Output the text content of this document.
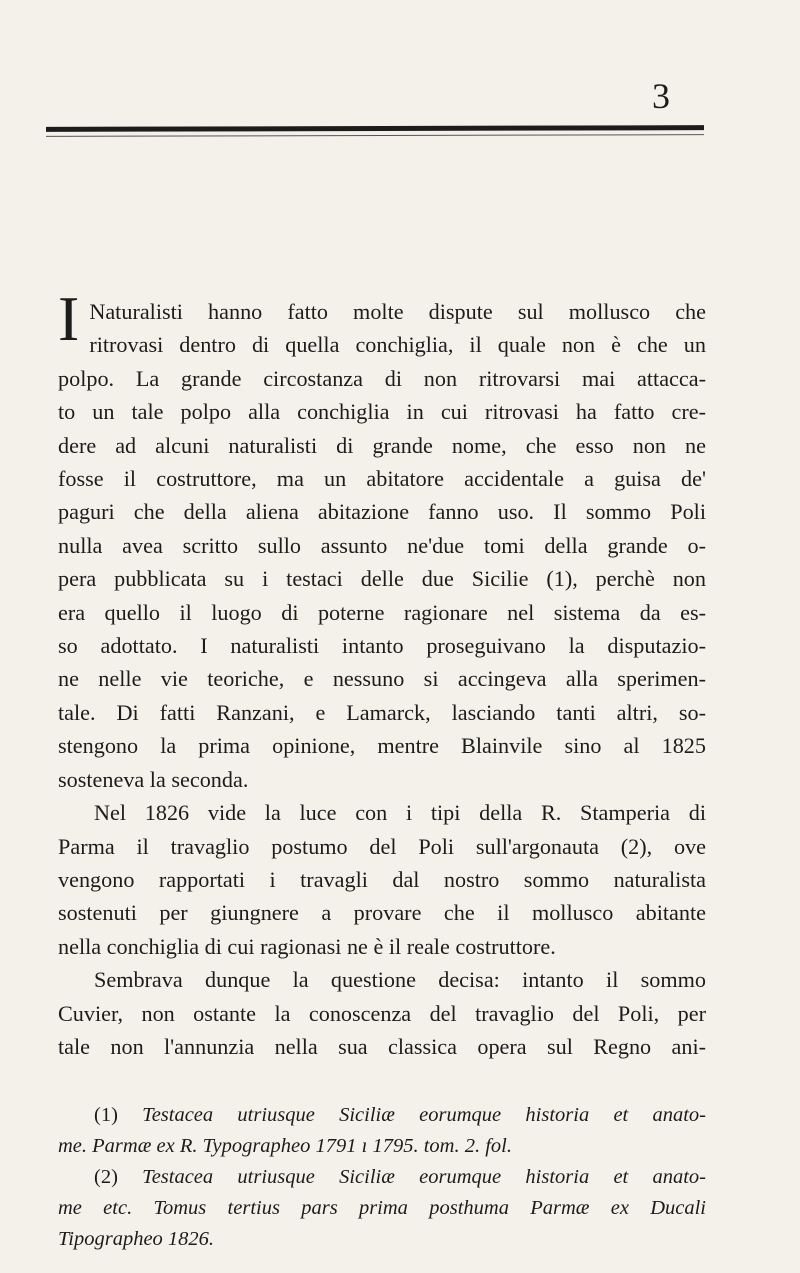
3
I Naturalisti hanno fatto molte dispute sul mollusco che
ritrovasi dentro di quella conchiglia, il quale non è che un
polpo. La grande circostanza di non ritrovarsi mai attacca-
to un tale polpo alla conchiglia in cui ritrovasi ha fatto cre-
dere ad alcuni naturalisti di grande nome, che esso non ne
fosse il costruttore, ma un abitatore accidentale a guisa de'
paguri che della aliena abitazione fanno uso. Il sommo Poli
nulla avea scritto sullo assunto ne'due tomi della grande o-
pera pubblicata su i testaci delle due Sicilie (1), perchè non
era quello il luogo di poterne ragionare nel sistema da es-
so adottato. I naturalisti intanto proseguivano la disputazio-
ne nelle vie teoriche, e nessuno si accingeva alla sperimen-
tale. Di fatti Ranzani, e Lamarck, lasciando tanti altri, so-
stengono la prima opinione, mentre Blainvile sino al 1825
sosteneva la seconda.
Nel 1826 vide la luce con i tipi della R. Stamperia di
Parma il travaglio postumo del Poli sull'argonauta (2), ove
vengono rapportati i travagli dal nostro sommo naturalista
sostenuti per giungnere a provare che il mollusco abitante
nella conchiglia di cui ragionasi ne è il reale costruttore.
Sembrava dunque la questione decisa: intanto il sommo
Cuvier, non ostante la conoscenza del travaglio del Poli, per
tale non l'annunzia nella sua classica opera sul Regno ani-
(1) Testacea utriusque Siciliæ eorumque historia et anato-
me. Parmæ ex R. Typographeo 1791 ı 1795. tom. 2. fol.
(2) Testacea utriusque Siciliæ eorumque historia et anato-
me etc. Tomus tertius pars prima posthuma Parmæ ex Ducali
Tipographeo 1826.
